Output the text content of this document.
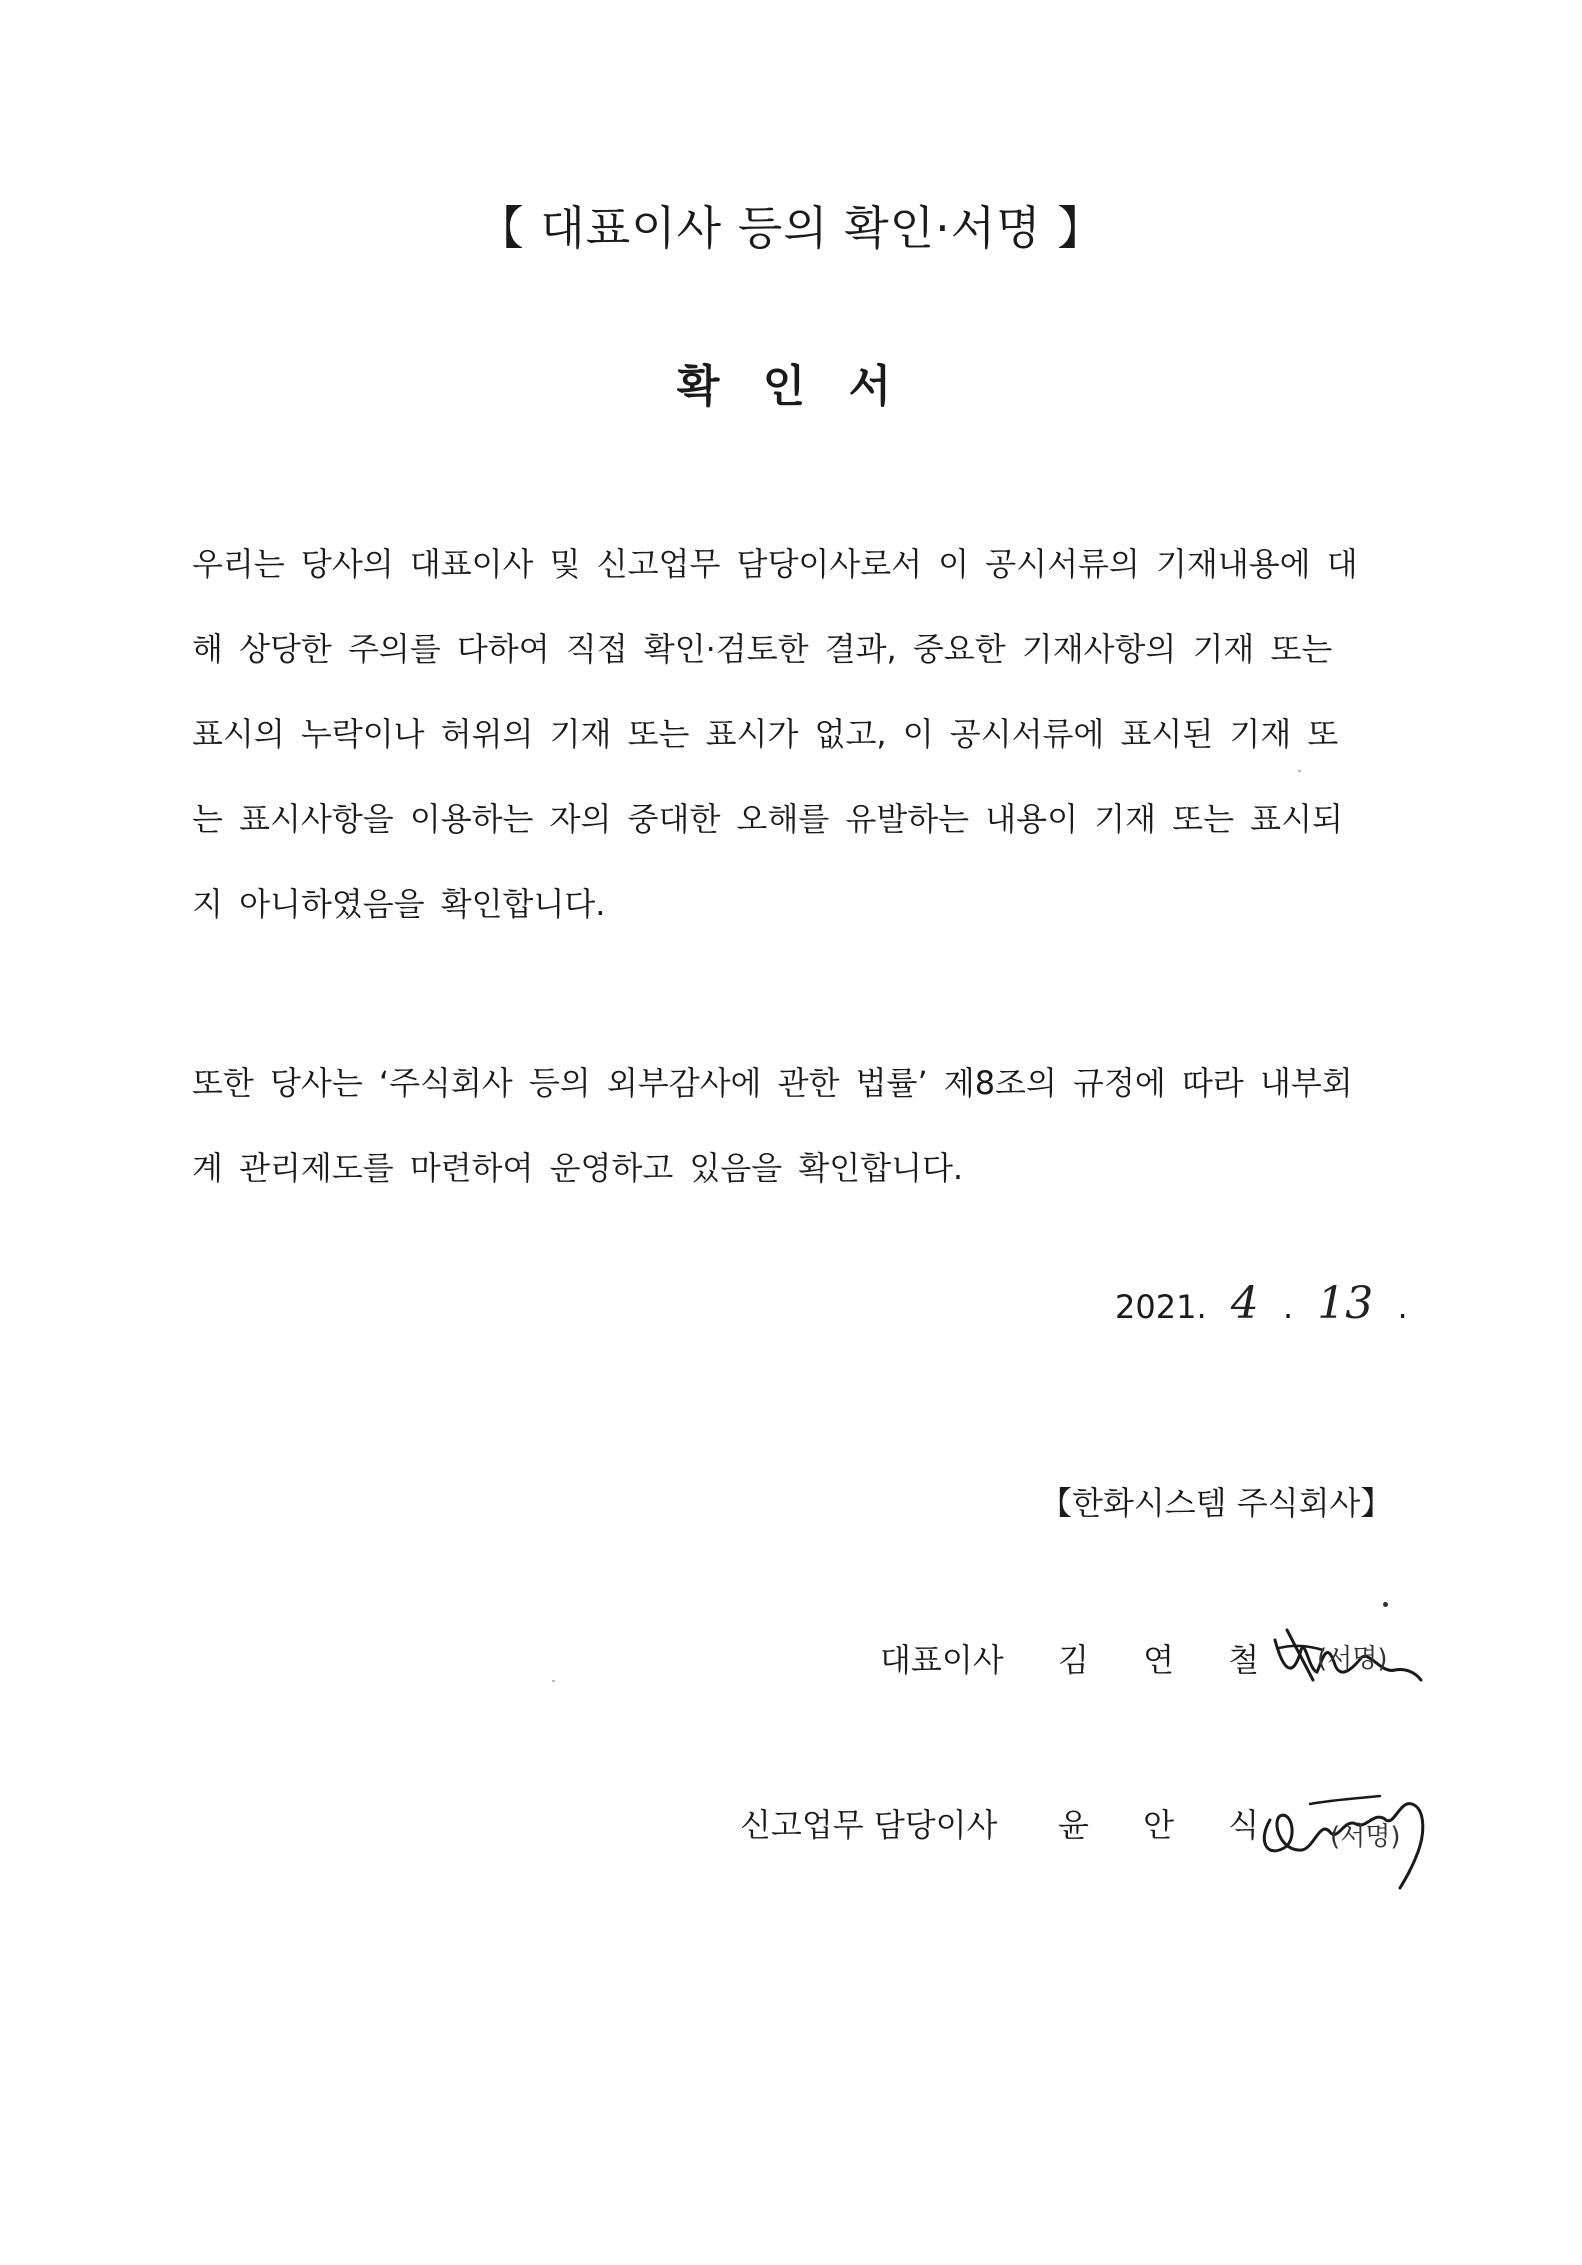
【 대표이사 등의 확인·서명 】
확 인 서

우리는 당사의 대표이사 및 신고업무 담당이사로서 이 공시서류의 기재내용에 대
해 상당한 주의를 다하여 직접 확인·검토한 결과, 중요한 기재사항의 기재 또는
표시의 누락이나 허위의 기재 또는 표시가 없고, 이 공시서류에 표시된 기재 또
는 표시사항을 이용하는 자의 중대한 오해를 유발하는 내용이 기재 또는 표시되
지 아니하였음을 확인합니다.

또한 당사는 ‘주식회사 등의 외부감사에 관한 법률’ 제8조의 규정에 따라 내부회
계 관리제도를 마련하여 운영하고 있음을 확인합니다.

2021. 4 . 13 .
【한화시스템 주식회사】
대표이사 김 연 철 (서명)
신고업무 담당이사 윤 안 식 (서명)
